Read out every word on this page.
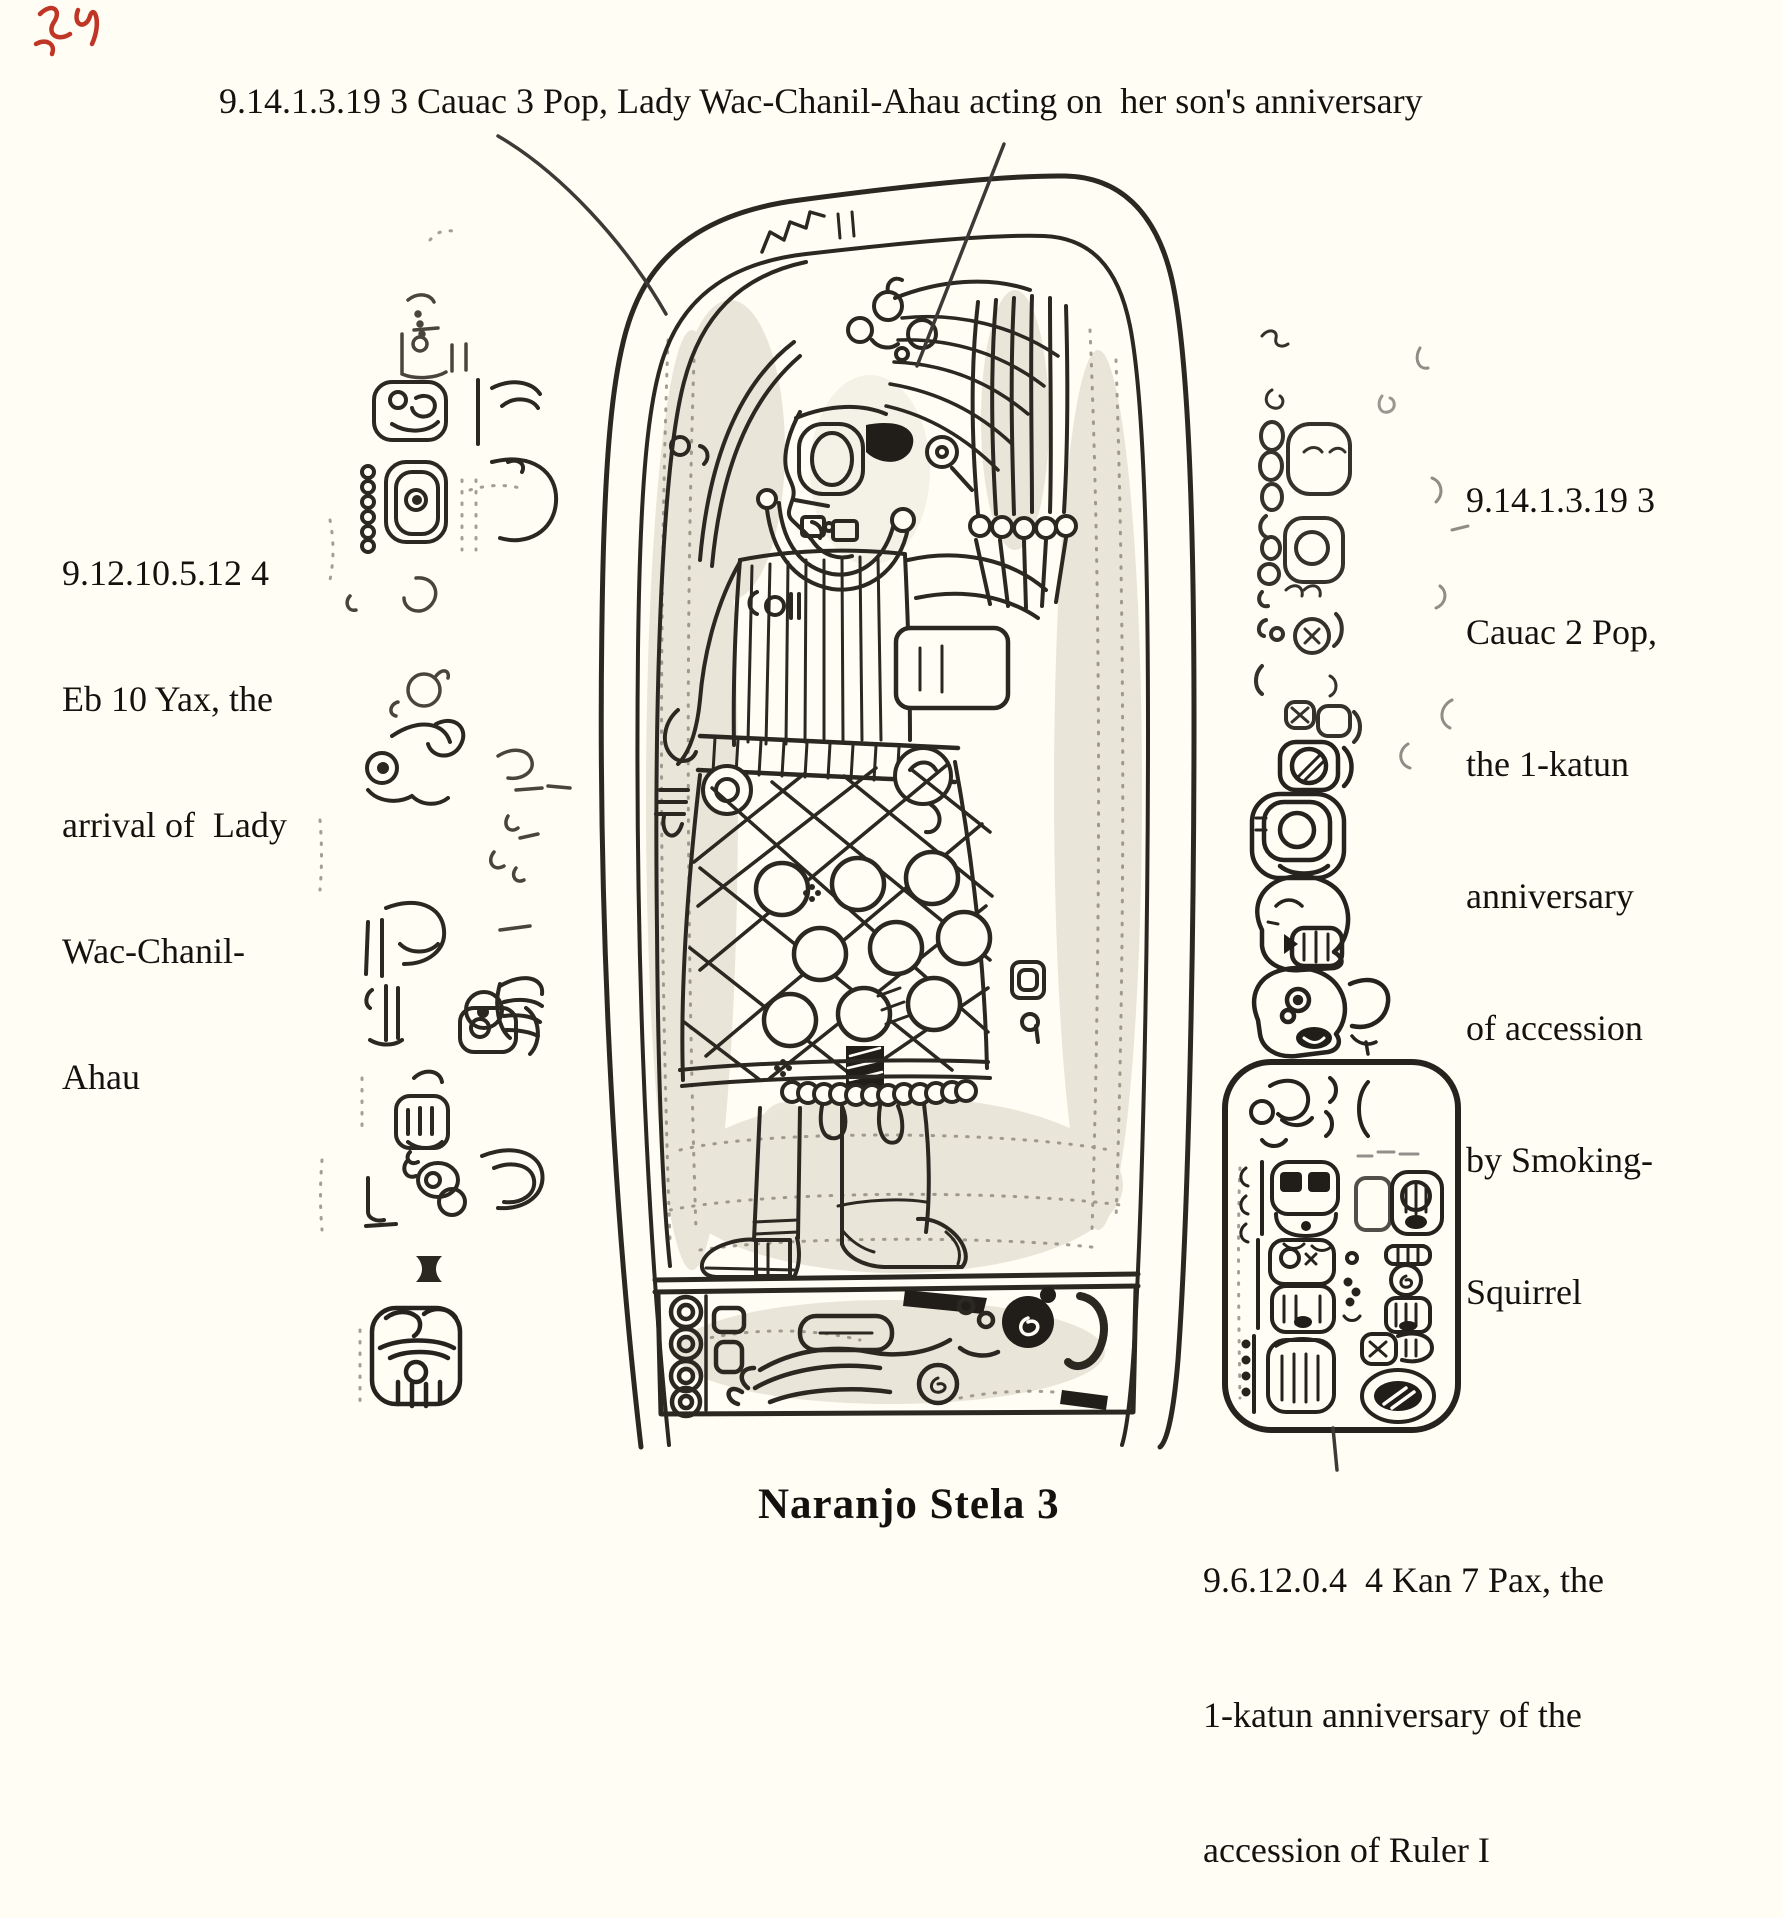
9.14.1.3.19 3 Cauac 3 Pop, Lady Wac-Chanil-Ahau acting on  her son's anniversary

9.12.10.5.12 4

Eb 10 Yax, the

arrival of  Lady

Wac-Chanil-

Ahau

9.14.1.3.19 3

Cauac 2 Pop,

the 1-katun

anniversary

of accession

by Smoking-

Squirrel

9.6.12.0.4  4 Kan 7 Pax, the

1-katun anniversary of the

accession of Ruler I

Naranjo Stela 3
